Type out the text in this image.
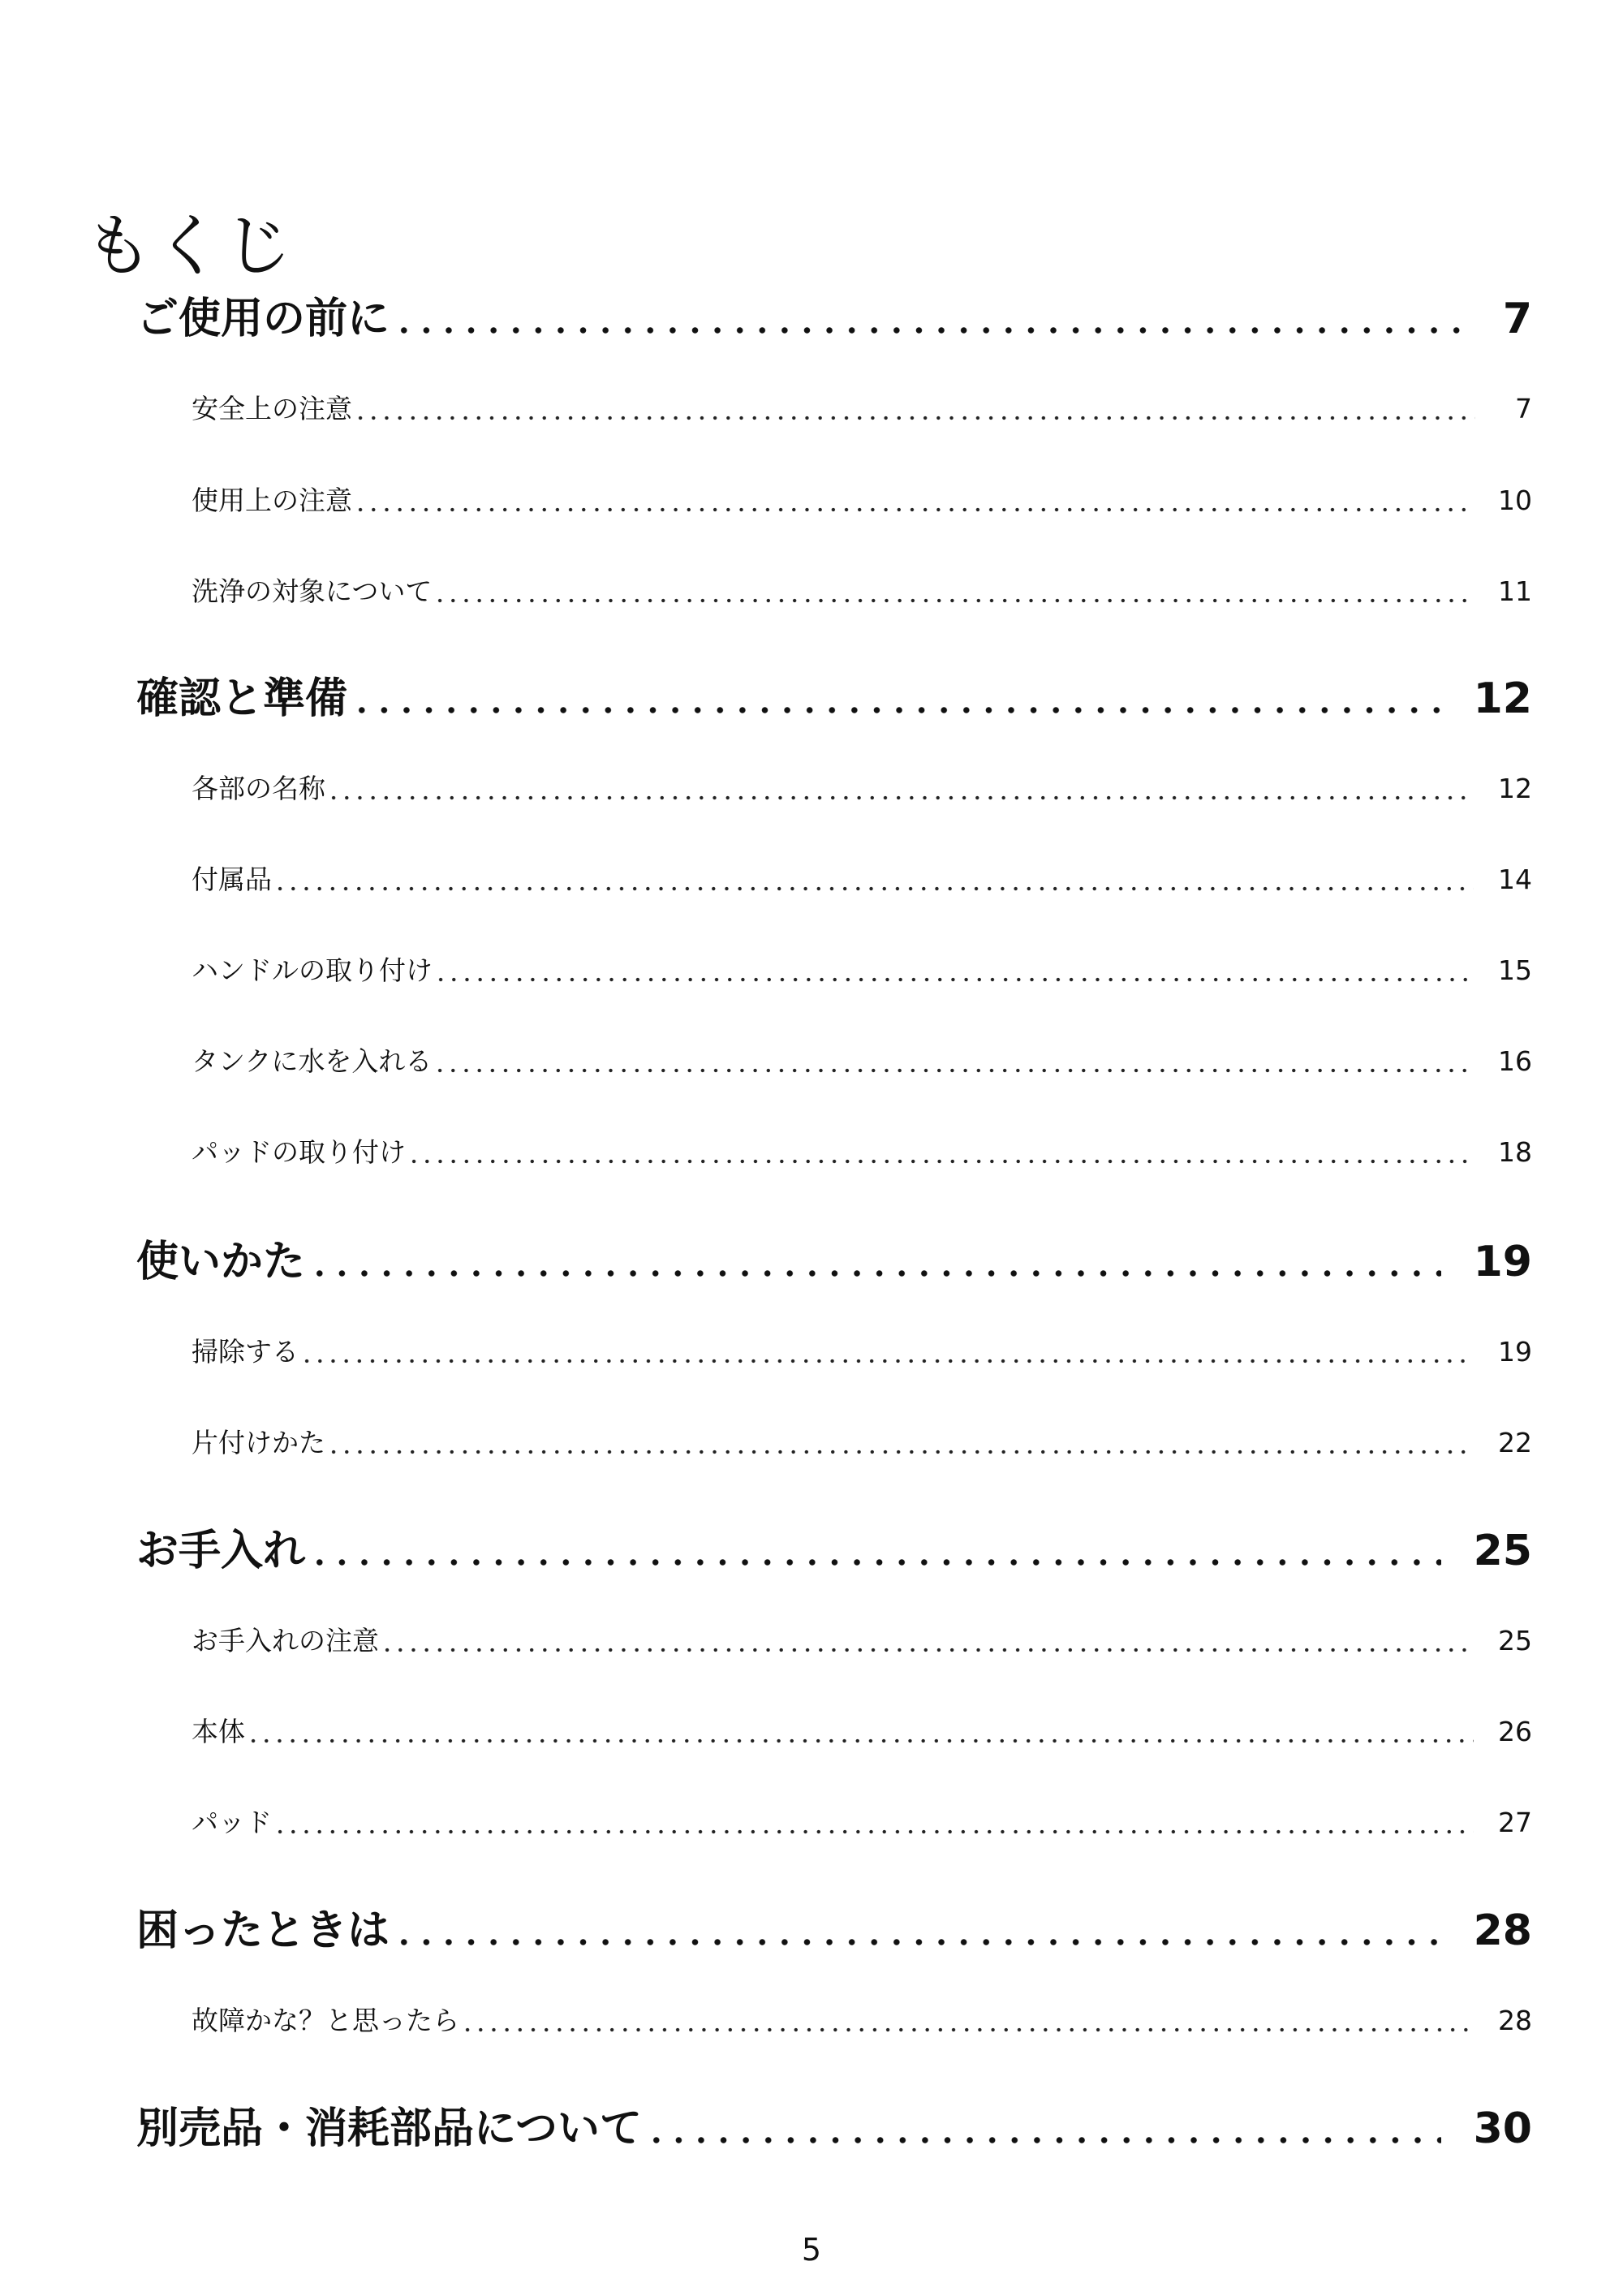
もくじ
ご使用の前に	7
安全上の注意	7
使用上の注意	10
洗浄の対象について	11
確認と準備	12
各部の名称	12
付属品	14
ハンドルの取り付け	15
タンクに水を入れる	16
パッドの取り付け	18
使いかた	19
掃除する	19
片付けかた	22
お手入れ	25
お手入れの注意	25
本体	26
パッド	27
困ったときは	28
故障かな？と思ったら	28
別売品・消耗部品について	30
5
